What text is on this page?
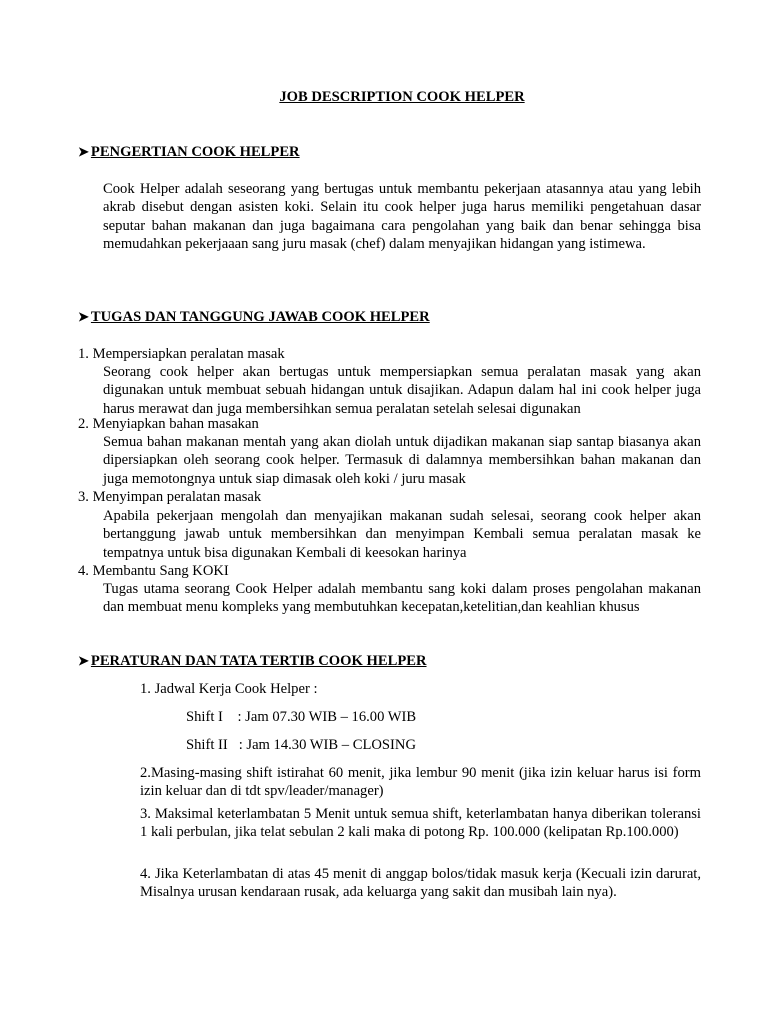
JOB DESCRIPTION COOK HELPER
➤ PENGERTIAN COOK HELPER
Cook Helper adalah seseorang yang bertugas untuk membantu pekerjaan atasannya atau yang lebih akrab disebut dengan asisten koki. Selain itu cook helper juga harus memiliki pengetahuan dasar seputar bahan makanan dan juga bagaimana cara pengolahan yang baik dan benar sehingga bisa memudahkan pekerjaaan sang juru masak (chef) dalam menyajikan hidangan yang istimewa.
➤ TUGAS DAN TANGGUNG JAWAB COOK HELPER
1. Mempersiapkan peralatan masak
Seorang cook helper akan bertugas untuk mempersiapkan semua peralatan masak yang akan digunakan untuk membuat sebuah hidangan untuk disajikan. Adapun dalam hal ini cook helper juga harus merawat dan juga membersihkan semua peralatan setelah selesai digunakan
2. Menyiapkan bahan masakan
Semua bahan makanan mentah yang akan diolah untuk dijadikan makanan siap santap biasanya akan dipersiapkan oleh seorang cook helper. Termasuk di dalamnya membersihkan bahan makanan dan juga memotongnya untuk siap dimasak oleh koki / juru masak
3. Menyimpan peralatan masak
Apabila pekerjaan mengolah dan menyajikan makanan sudah selesai, seorang cook helper akan bertanggung jawab untuk membersihkan dan menyimpan Kembali semua peralatan masak ke tempatnya untuk bisa digunakan Kembali di keesokan harinya
4. Membantu Sang KOKI
Tugas utama seorang Cook Helper adalah membantu sang koki dalam proses pengolahan makanan dan membuat menu kompleks yang membutuhkan kecepatan,ketelitian,dan keahlian khusus
➤ PERATURAN DAN TATA TERTIB COOK HELPER
1. Jadwal Kerja Cook Helper :
Shift I    : Jam 07.30 WIB – 16.00 WIB
Shift II   : Jam 14.30 WIB – CLOSING
2.Masing-masing shift istirahat 60 menit, jika lembur 90 menit (jika izin keluar harus isi form izin keluar dan di tdt spv/leader/manager)
3. Maksimal keterlambatan 5 Menit untuk semua shift, keterlambatan hanya diberikan toleransi 1 kali perbulan, jika telat sebulan 2 kali maka di potong Rp. 100.000 (kelipatan Rp.100.000)
4. Jika Keterlambatan di atas 45 menit di anggap bolos/tidak masuk kerja (Kecuali izin darurat, Misalnya urusan kendaraan rusak, ada keluarga yang sakit dan musibah lain nya).
